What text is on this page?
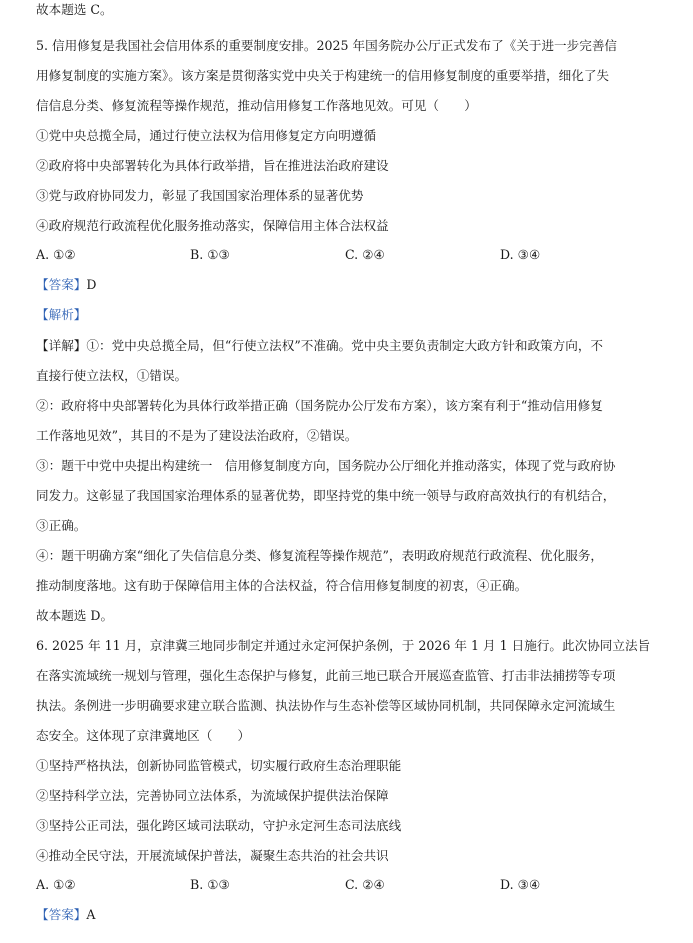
故本题选 C。
5. 信用修复是我国社会信用体系的重要制度安排。2025 年国务院办公厅正式发布了《关于进一步完善信
用修复制度的实施方案》。该方案是贯彻落实党中央关于构建统一的信用修复制度的重要举措，细化了失
信信息分类、修复流程等操作规范，推动信用修复工作落地见效。可见（　　）
①党中央总揽全局，通过行使立法权为信用修复定方向明遵循
②政府将中央部署转化为具体行政举措，旨在推进法治政府建设
③党与政府协同发力，彰显了我国国家治理体系的显著优势
④政府规范行政流程优化服务推动落实，保障信用主体合法权益
A. ①②	B. ①③	C. ②④	D. ③④
【答案】D
【解析】
【详解】①：党中央总揽全局，但“行使立法权”不准确。党中央主要负责制定大政方针和政策方向，不
直接行使立法权，①错误。
②：政府将中央部署转化为具体行政举措正确（国务院办公厅发布方案），该方案有利于“推动信用修复
工作落地见效”，其目的不是为了建设法治政府，②错误。
③：题干中党中央提出构建统一　信用修复制度方向，国务院办公厅细化并推动落实，体现了党与政府协
同发力。这彰显了我国国家治理体系的显著优势，即坚持党的集中统一领导与政府高效执行的有机结合，
③正确。
④：题干明确方案“细化了失信信息分类、修复流程等操作规范”，表明政府规范行政流程、优化服务，
推动制度落地。这有助于保障信用主体的合法权益，符合信用修复制度的初衷，④正确。
故本题选 D。
6. 2025 年 11 月，京津冀三地同步制定并通过永定河保护条例，于 2026 年 1 月 1 日施行。此次协同立法旨
在落实流域统一规划与管理，强化生态保护与修复，此前三地已联合开展巡查监管、打击非法捕捞等专项
执法。条例进一步明确要求建立联合监测、执法协作与生态补偿等区域协同机制，共同保障永定河流域生
态安全。这体现了京津冀地区（　　）
①坚持严格执法，创新协同监管模式，切实履行政府生态治理职能
②坚持科学立法，完善协同立法体系，为流域保护提供法治保障
③坚持公正司法，强化跨区域司法联动，守护永定河生态司法底线
④推动全民守法，开展流域保护普法，凝聚生态共治的社会共识
A. ①②	B. ①③	C. ②④	D. ③④
【答案】A
